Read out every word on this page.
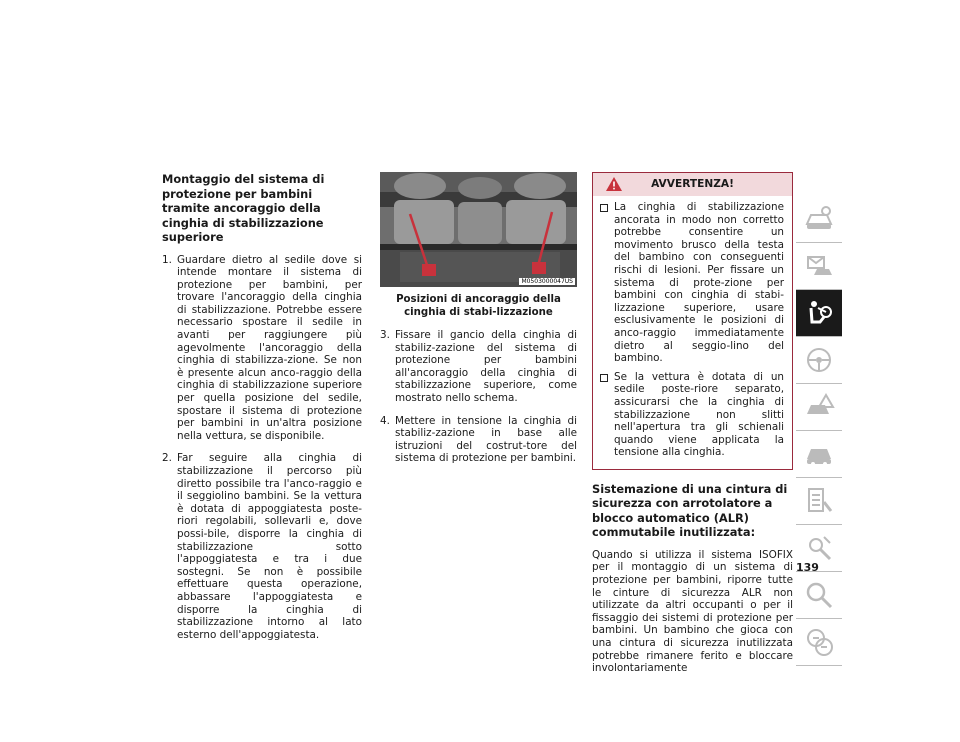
Montaggio del sistema di protezione per bambini tramite ancoraggio della cinghia di stabilizzazione superiore
1. Guardare dietro al sedile dove si intende montare il sistema di protezione per bambini, per trovare l'ancoraggio della cinghia di stabilizzazione. Potrebbe essere necessario spostare il sedile in avanti per raggiungere più agevolmente l'ancoraggio della cinghia di stabilizza-zione. Se non è presente alcun anco-raggio della cinghia di stabilizzazione superiore per quella posizione del sedile, spostare il sistema di protezione per bambini in un'altra posizione nella vettura, se disponibile.
2. Far seguire alla cinghia di stabilizzazione il percorso più diretto possibile tra l'anco-raggio e il seggiolino bambini. Se la vettura è dotata di appoggiatesta poste-riori regolabili, sollevarli e, dove possi-bile, disporre la cinghia di stabilizzazione sotto l'appoggiatesta e tra i due sostegni. Se non è possibile effettuare questa operazione, abbassare l'appoggiatesta e disporre la cinghia di stabilizzazione intorno al lato esterno dell'appoggiatesta.
M0503000047US
Posizioni di ancoraggio della cinghia di stabi-lizzazione
3. Fissare il gancio della cinghia di stabiliz-zazione del sistema di protezione per bambini all'ancoraggio della cinghia di stabilizzazione superiore, come mostrato nello schema.
4. Mettere in tensione la cinghia di stabiliz-zazione in base alle istruzioni del costrut-tore del sistema di protezione per bambini.
AVVERTENZA!
La cinghia di stabilizzazione ancorata in modo non corretto potrebbe consentire un movimento brusco della testa del bambino con conseguenti rischi di lesioni. Per fissare un sistema di prote-zione per bambini con cinghia di stabi-lizzazione superiore, usare esclusivamente le posizioni di anco-raggio immediatamente dietro al seggio-lino del bambino.
Se la vettura è dotata di un sedile poste-riore separato, assicurarsi che la cinghia di stabilizzazione non slitti nell'apertura tra gli schienali quando viene applicata la tensione alla cinghia.
Sistemazione di una cintura di sicurezza con arrotolatore a blocco automatico (ALR) commutabile inutilizzata:

Quando si utilizza il sistema ISOFIX per il montaggio di un sistema di protezione per bambini, riporre tutte le cinture di sicurezza ALR non utilizzate da altri occupanti o per il fissaggio dei sistemi di protezione per bambini. Un bambino che gioca con una cintura di sicurezza inutilizzata potrebbe rimanere ferito e bloccare involontariamente

139
